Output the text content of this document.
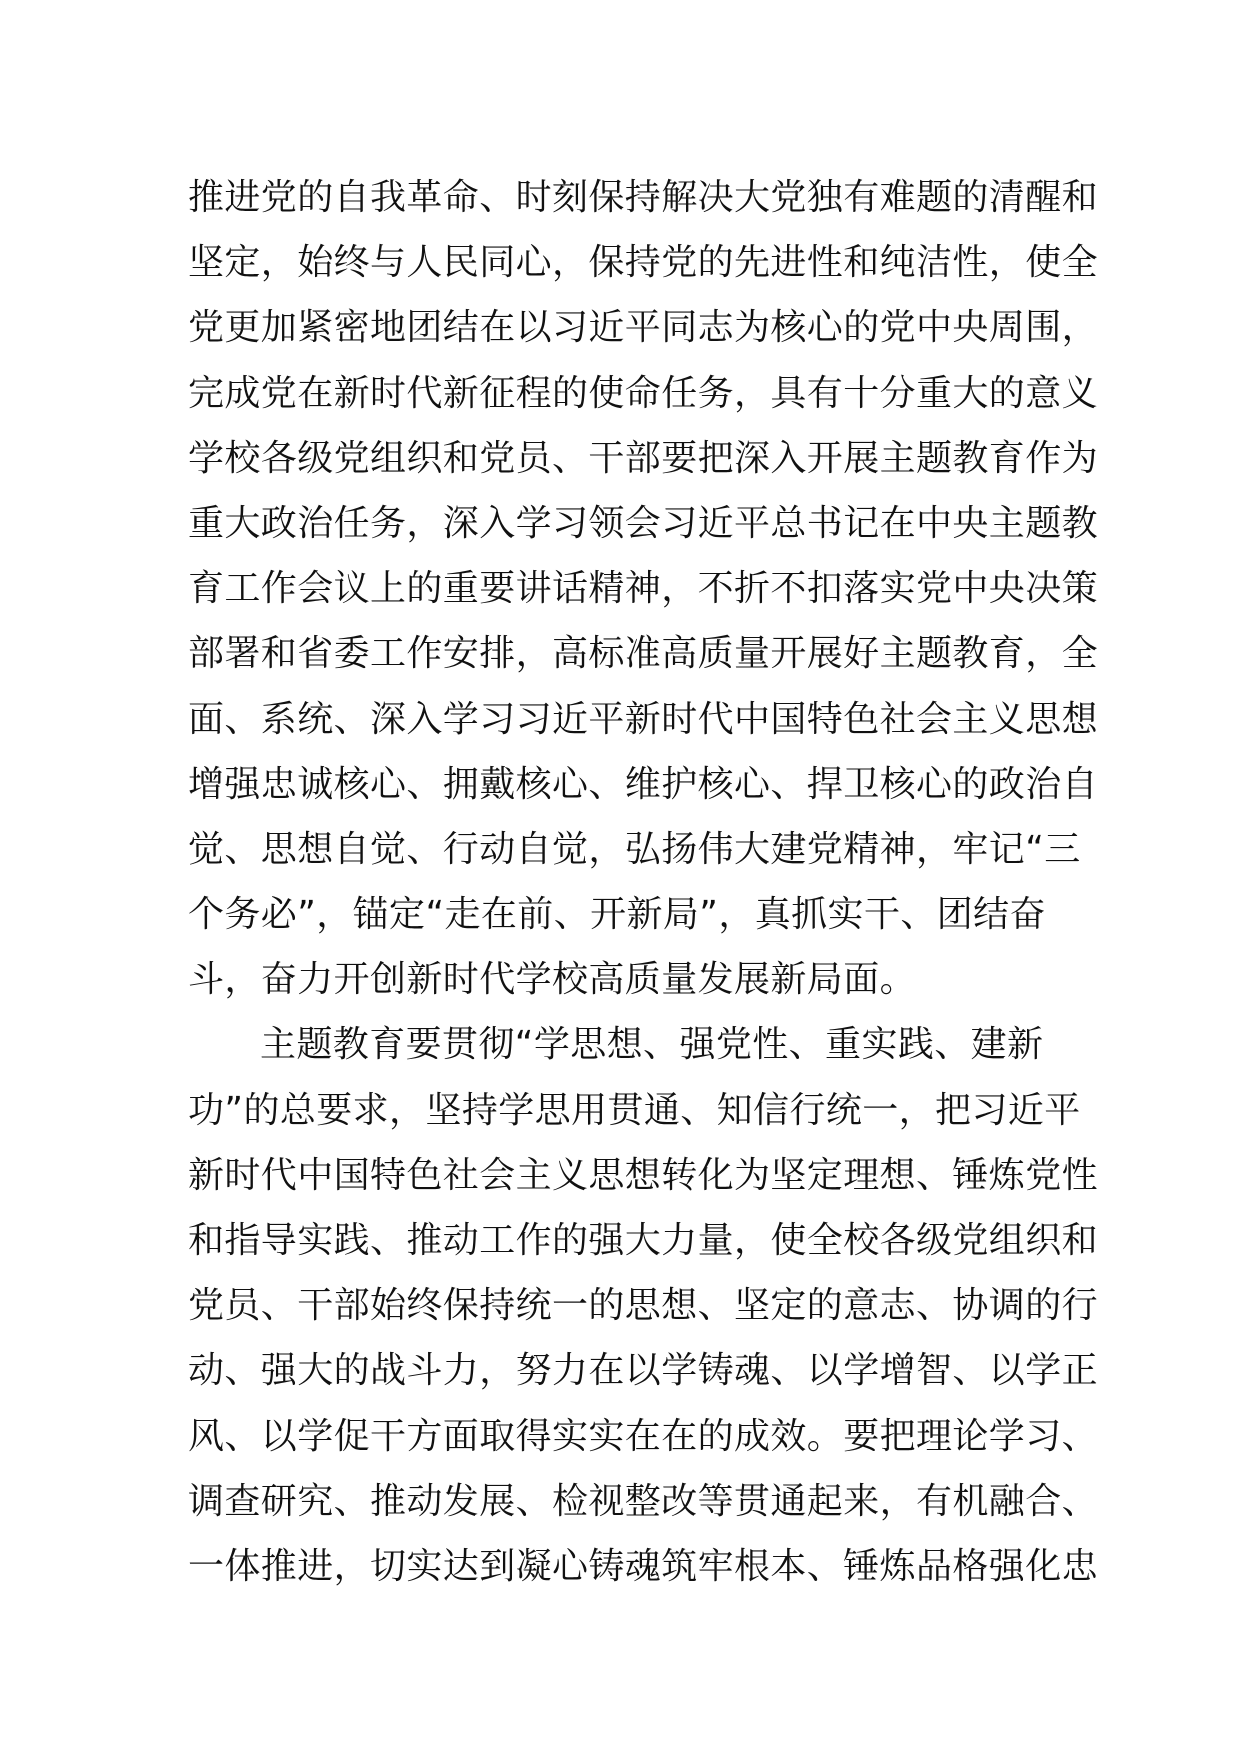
推进党的自我革命、时刻保持解决大党独有难题的清醒和
坚定，始终与人民同心，保持党的先进性和纯洁性，使全
党更加紧密地团结在以习近平同志为核心的党中央周围，
完成党在新时代新征程的使命任务，具有十分重大的意义
学校各级党组织和党员、干部要把深入开展主题教育作为
重大政治任务，深入学习领会习近平总书记在中央主题教
育工作会议上的重要讲话精神，不折不扣落实党中央决策
部署和省委工作安排，高标准高质量开展好主题教育，全
面、系统、深入学习习近平新时代中国特色社会主义思想
增强忠诚核心、拥戴核心、维护核心、捍卫核心的政治自
觉、思想自觉、行动自觉，弘扬伟大建党精神，牢记“三
个务必”，锚定“走在前、开新局”，真抓实干、团结奋
斗，奋力开创新时代学校高质量发展新局面。
主题教育要贯彻“学思想、强党性、重实践、建新
功”的总要求，坚持学思用贯通、知信行统一，把习近平
新时代中国特色社会主义思想转化为坚定理想、锤炼党性
和指导实践、推动工作的强大力量，使全校各级党组织和
党员、干部始终保持统一的思想、坚定的意志、协调的行
动、强大的战斗力，努力在以学铸魂、以学增智、以学正
风、以学促干方面取得实实在在的成效。要把理论学习、
调查研究、推动发展、检视整改等贯通起来，有机融合、
一体推进，切实达到凝心铸魂筑牢根本、锤炼品格强化忠
